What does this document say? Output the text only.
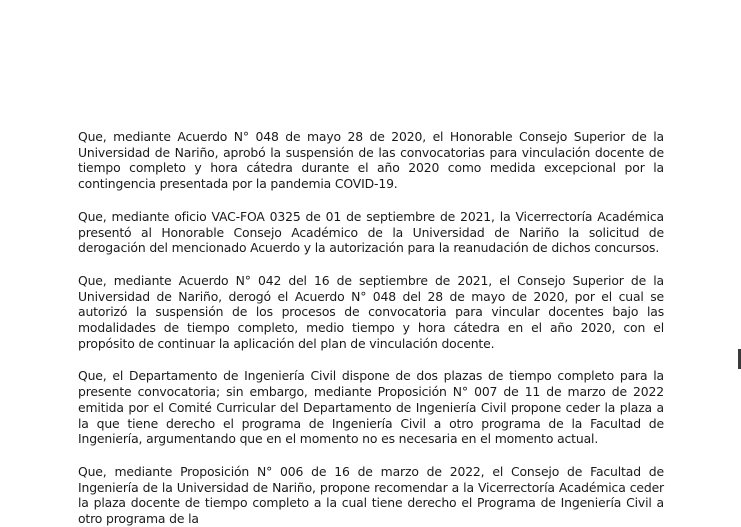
Que, mediante Acuerdo N° 048 de mayo 28 de 2020, el Honorable Consejo Superior de la Universidad de Nariño, aprobó la suspensión de las convocatorias para vinculación docente de tiempo completo y hora cátedra durante el año 2020 como medida excepcional por la contingencia presentada por la pandemia COVID-19.

Que, mediante oficio VAC-FOA 0325 de 01 de septiembre de 2021, la Vicerrectoría Académica presentó al Honorable Consejo Académico de la Universidad de Nariño la solicitud de derogación del mencionado Acuerdo y la autorización para la reanudación de dichos concursos.

Que, mediante Acuerdo N° 042 del 16 de septiembre de 2021, el Consejo Superior de la Universidad de Nariño, derogó el Acuerdo N° 048 del 28 de mayo de 2020, por el cual se autorizó la suspensión de los procesos de convocatoria para vincular docentes bajo las modalidades de tiempo completo, medio tiempo y hora cátedra en el año 2020, con el propósito de continuar la aplicación del plan de vinculación docente.

Que, el Departamento de Ingeniería Civil dispone de dos plazas de tiempo completo para la presente convocatoria; sin embargo, mediante Proposición N° 007 de 11 de marzo de 2022 emitida por el Comité Curricular del Departamento de Ingeniería Civil propone ceder la plaza a la que tiene derecho el programa de Ingeniería Civil a otro programa de la Facultad de Ingeniería, argumentando que en el momento no es necesaria en el momento actual.

Que, mediante Proposición N° 006 de 16 de marzo de 2022, el Consejo de Facultad de Ingeniería de la Universidad de Nariño, propone recomendar a la Vicerrectoría Académica ceder la plaza docente de tiempo completo a la cual tiene derecho el Programa de Ingeniería Civil a otro programa de la
